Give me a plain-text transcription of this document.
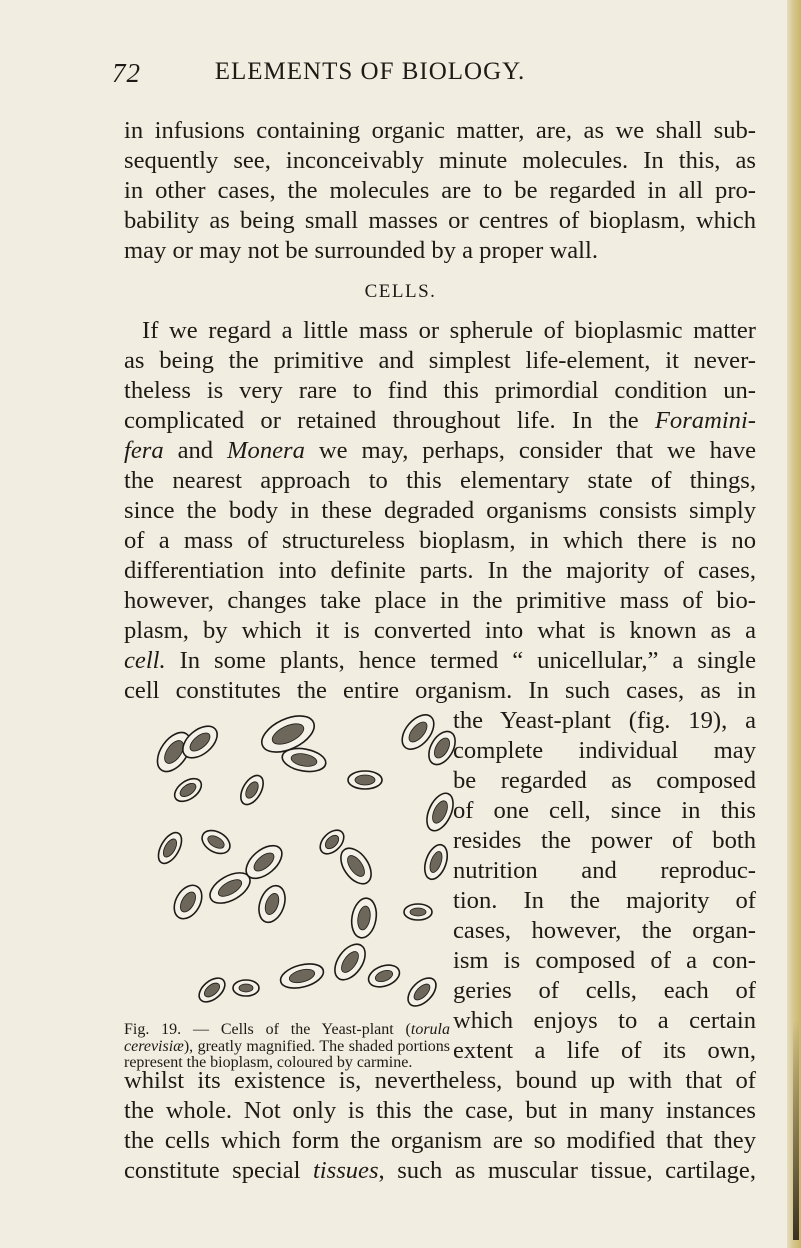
72	ELEMENTS OF BIOLOGY.
in infusions containing organic matter, are, as we shall sub-
sequently see, inconceivably minute molecules. In this, as
in other cases, the molecules are to be regarded in all pro-
bability as being small masses or centres of bioplasm, which
may or may not be surrounded by a proper wall.
CELLS.
If we regard a little mass or spherule of bioplasmic matter
as being the primitive and simplest life-element, it never-
theless is very rare to find this primordial condition un-
complicated or retained throughout life. In the Foramini-
fera and Monera we may, perhaps, consider that we have
the nearest approach to this elementary state of things,
since the body in these degraded organisms consists simply
of a mass of structureless bioplasm, in which there is no
differentiation into definite parts. In the majority of cases,
however, changes take place in the primitive mass of bio-
plasm, by which it is converted into what is known as a
cell. In some plants, hence termed “ unicellular,” a single
cell constitutes the entire organism. In such cases, as in
the Yeast-plant (fig. 19), a
complete individual may
be regarded as composed
of one cell, since in this
resides the power of both
nutrition and reproduc-
tion. In the majority of
cases, however, the organ-
ism is composed of a con-
geries of cells, each of
which enjoys to a certain
extent a life of its own,
whilst its existence is, nevertheless, bound up with that of
the whole. Not only is this the case, but in many instances
the cells which form the organism are so modified that they
constitute special tissues, such as muscular tissue, cartilage,
Fig. 19. — Cells of the Yeast-plant (torula cerevisiæ), greatly magnified. The shaded portions represent the bioplasm, coloured by carmine.
